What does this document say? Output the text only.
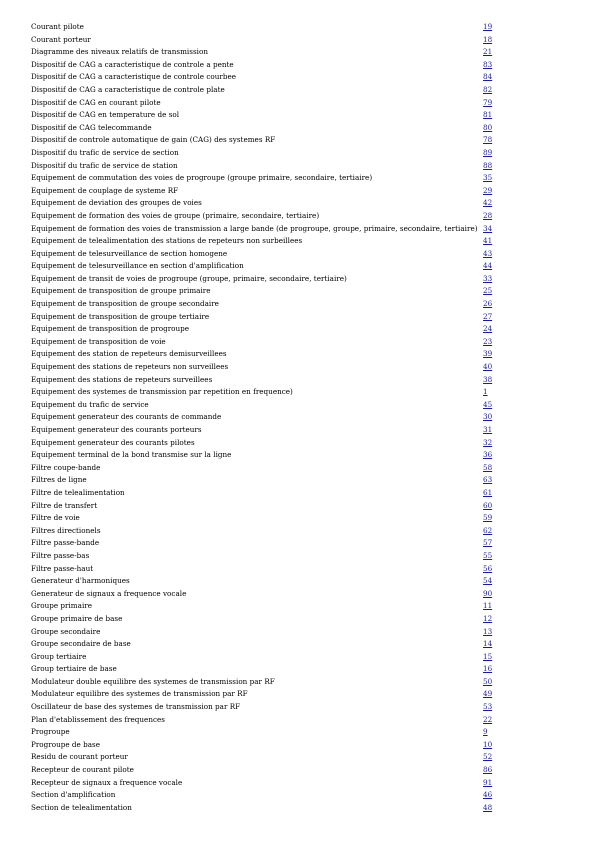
Courant pilote	19
Courant porteur	18
Diagramme des niveaux relatifs de transmission	21
Dispositif de CAG a caracteristique de controle a pente	83
Dispositif de CAG a caracteristique de controle courbee	84
Dispositif de CAG a caracteristique de controle plate	82
Dispositif de CAG en courant pilote	79
Dispositif de CAG en temperature de sol	81
Dispositif de CAG telecommande	80
Dispositif de controle automatique de gain (CAG) des systemes RF	78
Dispositif du trafic de service de section	89
Dispositif du trafic de service de station	88
Equipement de commutation des voies de progroupe (groupe primaire, secondaire, tertiaire)	35
Equipement de couplage de systeme RF	29
Equipement de deviation des groupes de voies	42
Equipement de formation des voies de groupe (primaire, secondaire, tertiaire)	28
Equipement de formation des voies de transmission a large bande (de progroupe, groupe, primaire, secondaire, tertiaire) 34
Equipement de telealimentation des stations de repeteurs non surbeillees	41
Equipement de telesurveillance de section homogene	43
Equipement de telesurveillance en section d'amplification	44
Equipement de transit de voies de progroupe (groupe, primaire, secondaire, tertiaire)	33
Equipement de transposition de groupe primaire	25
Equipement de transposition de groupe secondaire	26
Equipement de transposition de groupe tertiaire	27
Equipement de transposition de progroupe	24
Equipement de transposition de voie	23
Equipement des station de repeteurs demisurveillees	39
Equipement des stations de repeteurs non surveillees	40
Equipement des stations de repeteurs surveillees	38
Equipement des systemes de transmission par repetition en frequence)	1
Equipement du trafic de service	45
Equipement generateur des courants de commande	30
Equipement generateur des courants porteurs	31
Equipement generateur des courants pilotes	32
Equipement terminal de la bond transmise sur la ligne	36
Filtre coupe-bande	58
Filtres de ligne	63
Filtre de telealimentation	61
Filtre de transfert	60
Filtre de voie	59
Filtres directionels	62
Filtre passe-bande	57
Filtre passe-bas	55
Filtre passe-haut	56
Generateur d'harmoniques	54
Generateur de signaux a frequence vocale	90
Groupe primaire	11
Groupe primaire de base	12
Groupe secondaire	13
Groupe secondaire de base	14
Group tertiaire	15
Group tertiaire de base	16
Modulateur double equilibre des systemes de transmission par RF	50
Modulateur equilibre des systemes de transmission par RF	49
Oscillateur de base des systemes de transmission par RF	53
Plan d'etablissement des frequences	22
Progroupe	9
Progroupe de base	10
Residu de courant porteur	52
Recepteur de courant pilote	86
Recepteur de signaux a frequence vocale	91
Section d'amplification	46
Section de telealimentation	48
